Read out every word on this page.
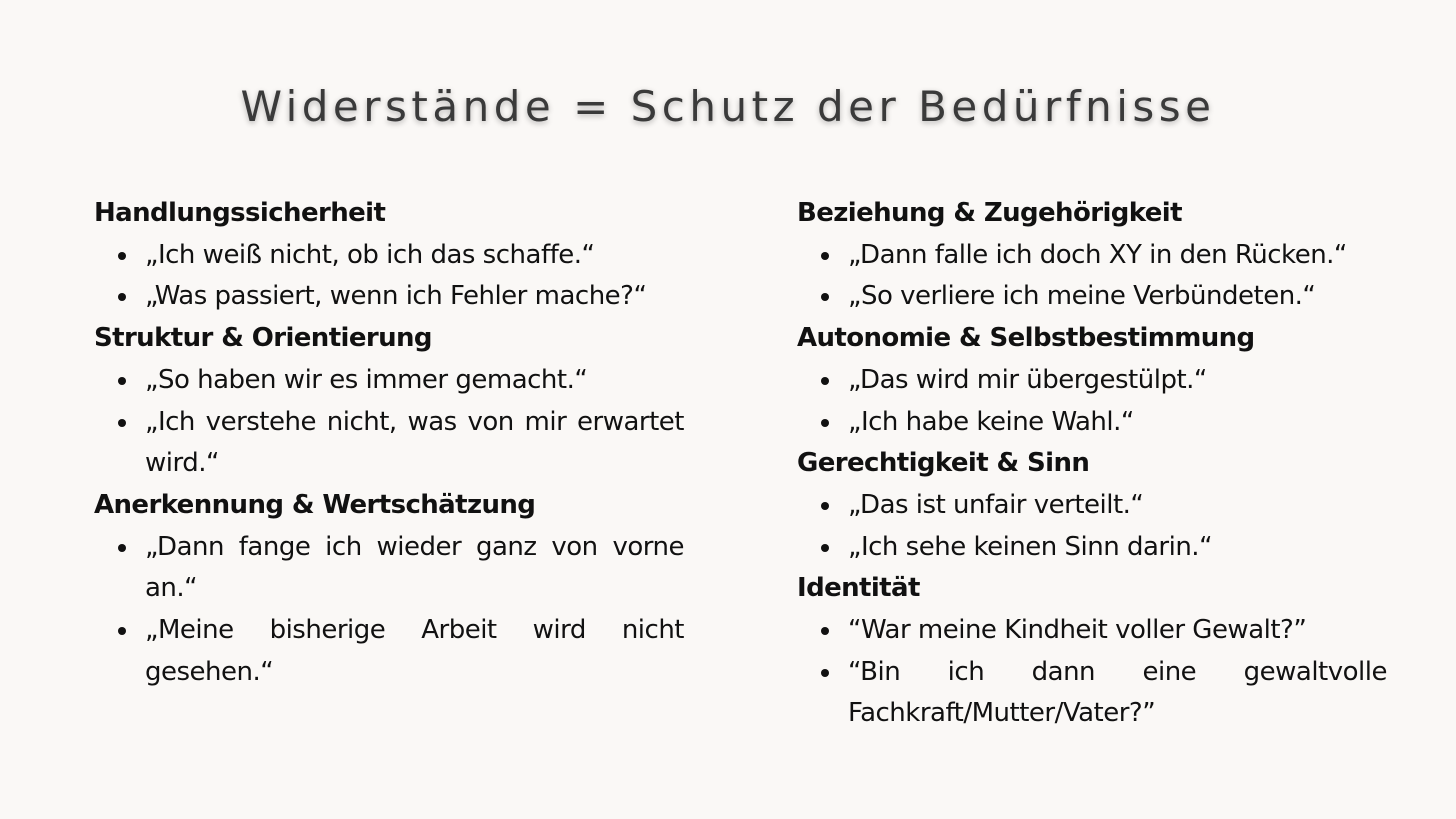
Widerstände = Schutz der Bedürfnisse
Handlungssicherheit
„Ich weiß nicht, ob ich das schaffe.“
„Was passiert, wenn ich Fehler mache?“
Struktur & Orientierung
„So haben wir es immer gemacht.“
„Ich verstehe nicht, was von mir erwartet wird.“
Anerkennung & Wertschätzung
„Dann fange ich wieder ganz von vorne an.“
„Meine bisherige Arbeit wird nicht gesehen.“
Beziehung & Zugehörigkeit
„Dann falle ich doch XY in den Rücken.“
„So verliere ich meine Verbündeten.“
Autonomie & Selbstbestimmung
„Das wird mir übergestülpt.“
„Ich habe keine Wahl.“
Gerechtigkeit & Sinn
„Das ist unfair verteilt.“
„Ich sehe keinen Sinn darin.“
Identität
“War meine Kindheit voller Gewalt?”
“Bin ich dann eine gewaltvolle Fachkraft/Mutter/Vater?”
